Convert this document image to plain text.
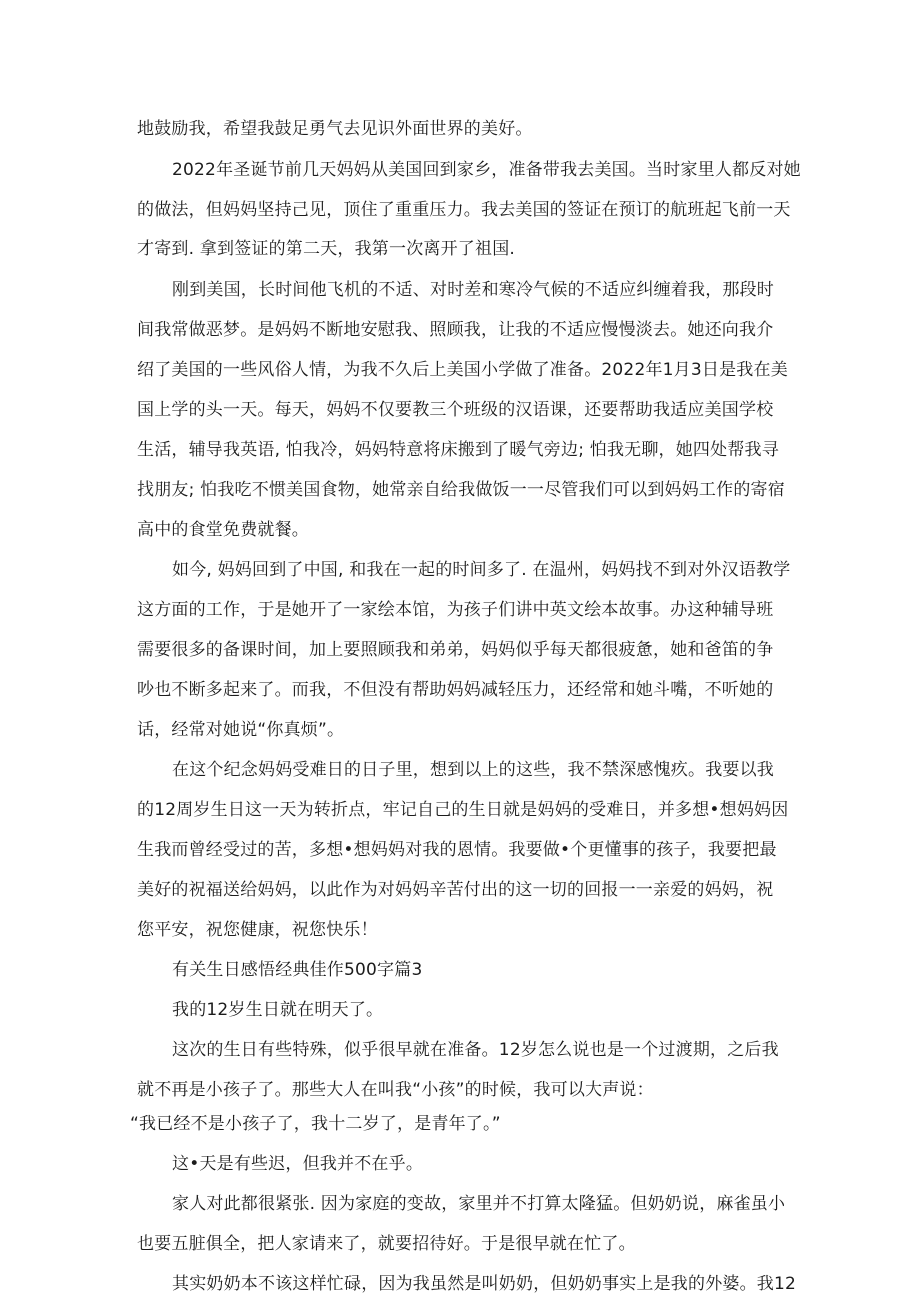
地鼓励我，希望我鼓足勇气去见识外面世界的美好。
2022年圣诞节前几天妈妈从美国回到家乡，准备带我去美国。当时家里人都反对她
的做法，但妈妈坚持己见，顶住了重重压力。我去美国的签证在预订的航班起飞前一天
才寄到. 拿到签证的第二天，我第一次离开了祖国.
刚到美国，长时间他飞机的不适、对时差和寒冷气候的不适应纠缠着我，那段时
间我常做恶梦。是妈妈不断地安慰我、照顾我，让我的不适应慢慢淡去。她还向我介
绍了美国的一些风俗人情，为我不久后上美国小学做了准备。2022年1月3日是我在美
国上学的头一天。每天，妈妈不仅要教三个班级的汉语课，还要帮助我适应美国学校
生活，辅导我英语, 怕我冷，妈妈特意将床搬到了暖气旁边; 怕我无聊，她四处帮我寻
找朋友; 怕我吃不惯美国食物，她常亲自给我做饭一一尽管我们可以到妈妈工作的寄宿
高中的食堂免费就餐。
如今, 妈妈回到了中国, 和我在一起的时间多了. 在温州，妈妈找不到对外汉语教学
这方面的工作，于是她开了一家绘本馆，为孩子们讲中英文绘本故事。办这种辅导班
需要很多的备课时间，加上要照顾我和弟弟，妈妈似乎每天都很疲惫，她和爸笛的争
吵也不断多起来了。而我，不但没有帮助妈妈减轻压力，还经常和她斗嘴，不听她的
话，经常对她说“你真烦”。
在这个纪念妈妈受难日的日子里，想到以上的这些，我不禁深感愧疚。我要以我
的12周岁生日这一天为转折点，牢记自己的生日就是妈妈的受难日，并多想•想妈妈因
生我而曾经受过的苦，多想•想妈妈对我的恩情。我要做•个更懂事的孩子，我要把最
美好的祝福送给妈妈，以此作为对妈妈辛苦付出的这一切的回报一一亲爱的妈妈，祝
您平安，祝您健康，祝您快乐！
有关生日感悟经典佳作500字篇3
我的12岁生日就在明天了。
这次的生日有些特殊，似乎很早就在准备。12岁怎么说也是一个过渡期，之后我
就不再是小孩子了。那些大人在叫我“小孩”的时候，我可以大声说：
“我已经不是小孩子了，我十二岁了，是青年了。”
这•天是有些迟，但我并不在乎。
家人对此都很紧张. 因为家庭的变故，家里并不打算太隆猛。但奶奶说，麻雀虽小
也要五脏俱全，把人家请来了，就要招待好。于是很早就在忙了。
其实奶奶本不该这样忙碌，因为我虽然是叫奶奶，但奶奶事实上是我的外婆。我12
